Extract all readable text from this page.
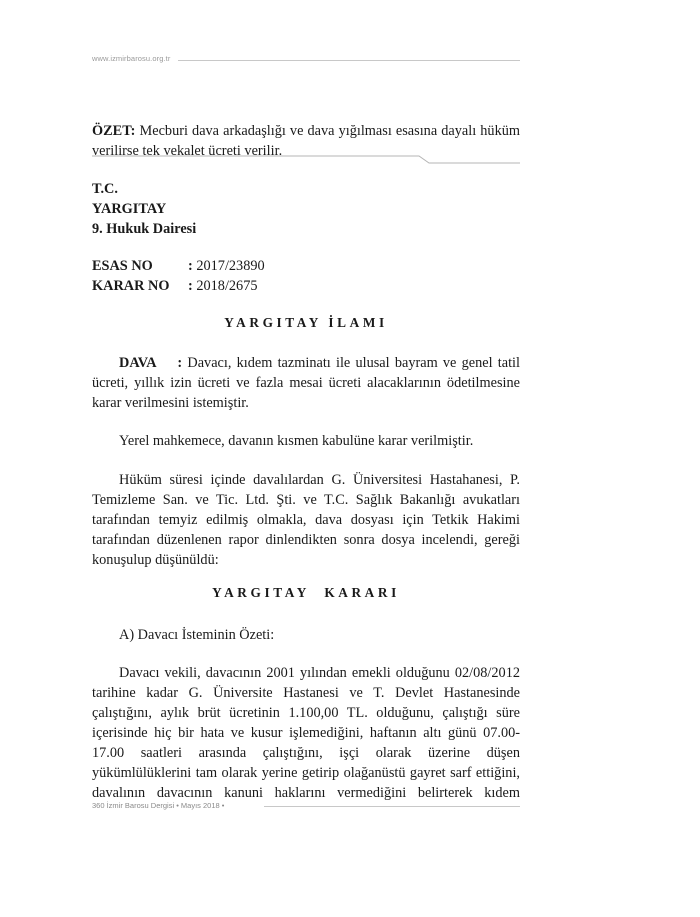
www.izmirbarosu.org.tr
ÖZET: Mecburi dava arkadaşlığı ve dava yığılması esasına dayalı hüküm verilirse tek vekalet ücreti verilir.
T.C.
YARGITAY
9. Hukuk Dairesi
ESAS NO : 2017/23890
KARAR NO : 2018/2675
YARGITAY İLAMI
DAVA    : Davacı, kıdem tazminatı ile ulusal bayram ve genel tatil ücreti, yıllık izin ücreti ve fazla mesai ücreti alacaklarının ödetilmesine karar verilmesini istemiştir.
Yerel mahkemece, davanın kısmen kabulüne karar verilmiştir.
Hüküm süresi içinde davalılardan G. Üniversitesi Hastahanesi, P. Temizleme San. ve Tic. Ltd. Şti. ve T.C. Sağlık Bakanlığı avukatları tarafından temyiz edilmiş olmakla, dava dosyası için Tetkik Hakimi tarafından düzenlenen rapor dinlendikten sonra dosya incelendi, gereği konuşulup düşünüldü:
YARGITAY KARARI
A) Davacı İsteminin Özeti:
Davacı vekili, davacının 2001 yılından emekli olduğunu 02/08/2012 tarihine kadar G. Üniversite Hastanesi ve T. Devlet Hastanesinde çalıştığını, aylık brüt ücretinin 1.100,00 TL. olduğunu, çalıştığı süre içerisinde hiç bir hata ve kusur işlemediğini, haftanın altı günü 07.00-17.00 saatleri arasında çalıştığını, işçi olarak üzerine düşen yükümlülüklerini tam olarak yerine getirip olağanüstü gayret sarf ettiğini, davalının davacının kanuni haklarını vermediğini belirterek kıdem
360 İzmir Barosu Dergisi • Mayıs 2018 •
